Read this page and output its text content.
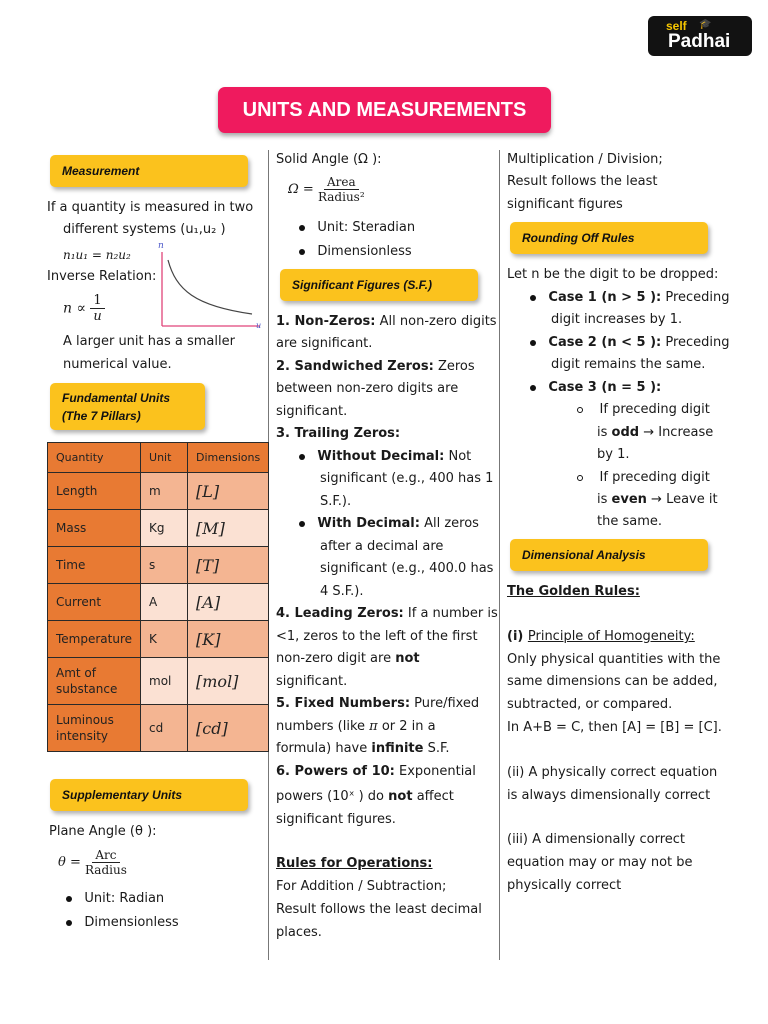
self 🎓
Padhai
UNITS AND MEASUREMENTS
Measurement
If a quantity is measured in two
different systems (u₁,u₂ )
n₁u₁ = n₂u₂
Inverse Relation:
$n \propto \frac{1}{u}$
n
u
A larger unit has a smaller
numerical value.
Fundamental Units
(The 7 Pillars)
Quantity	Unit	Dimensions
Length	m	[L]
Mass	Kg	[M]
Time	s	[T]
Current	A	[A]
Temperature	K	[K]

Amt of
substance	mol	[mol]

Luminous
intensity	cd	[cd]
Supplementary Units
Plane Angle (θ ):
$\theta = \frac{\text{Arc}}{\text{Radius}}$
Unit: Radian
Dimensionless
Solid Angle (Ω ):
$\Omega = \frac{\text{Area}}{\text{Radius²}}$
Unit: Steradian
Dimensionless
Significant Figures (S.F.)
1. Non-Zeros: All non-zero digits
are significant.
2. Sandwiched Zeros: Zeros
between non-zero digits are
significant.
3. Trailing Zeros:
Without Decimal: Not
significant (e.g., 400 has 1
S.F.).
With Decimal: All zeros
after a decimal are
significant (e.g., 400.0 has
4 S.F.).
4. Leading Zeros: If a number is
<1, zeros to the left of the first
non-zero digit are not
significant.
5. Fixed Numbers: Pure/fixed
numbers (like π or 2 in a
formula) have infinite S.F.
6. Powers of 10: Exponential
powers (10ˣ ) do not affect
significant figures.
Rules for Operations:
For Addition / Subtraction;
Result follows the least decimal
places.
Multiplication / Division;
Result follows the least
significant figures
Rounding Off Rules
Let n be the digit to be dropped:
Case 1 (n > 5 ): Preceding
digit increases by 1.
Case 2 (n < 5 ): Preceding
digit remains the same.
Case 3 (n = 5 ):
If preceding digit
is odd → Increase
by 1.
If preceding digit
is even → Leave it
the same.
Dimensional Analysis
The Golden Rules:
(i) Principle of Homogeneity:
Only physical quantities with the
same dimensions can be added,
subtracted, or compared.
In A+B = C, then [A] = [B] = [C].
(ii) A physically correct equation
is always dimensionally correct
(iii) A dimensionally correct
equation may or may not be
physically correct
